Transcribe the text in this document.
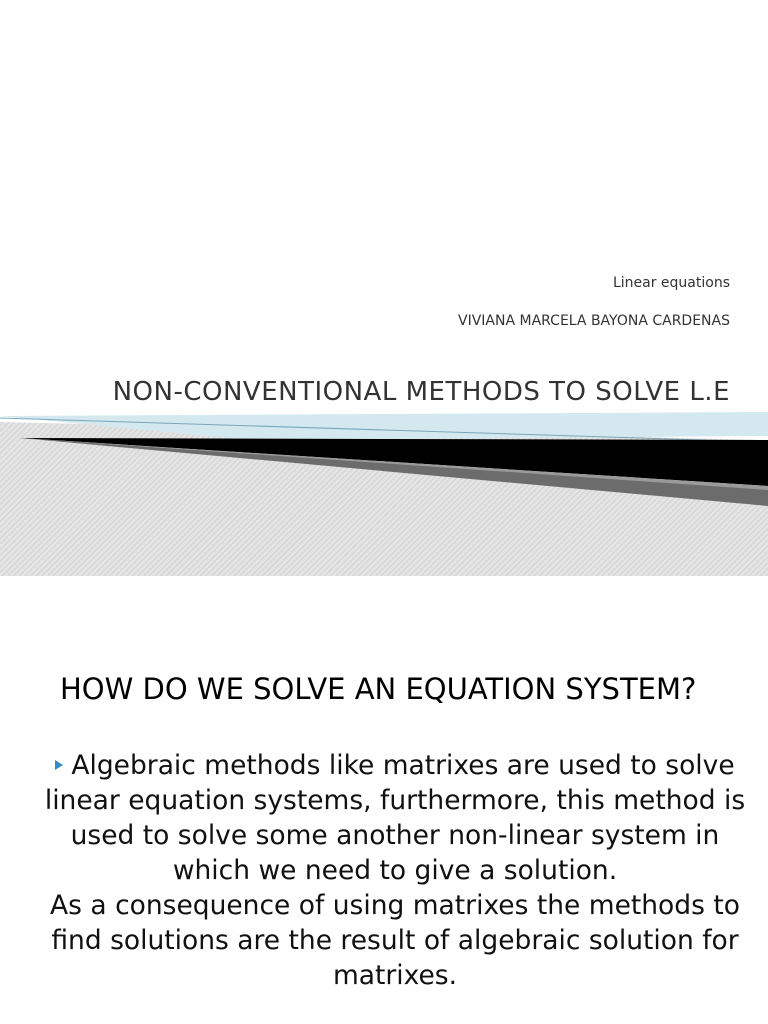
Linear equations
VIVIANA MARCELA BAYONA CARDENAS
NON-CONVENTIONAL METHODS TO SOLVE L.E
HOW DO WE SOLVE AN EQUATION SYSTEM?

Algebraic methods like matrixes are used to solve linear equation systems, furthermore, this method is used to solve some another non-linear system in which we need to give a solution.

As a consequence of using matrixes the methods to find solutions are the result of algebraic solution for matrixes.
